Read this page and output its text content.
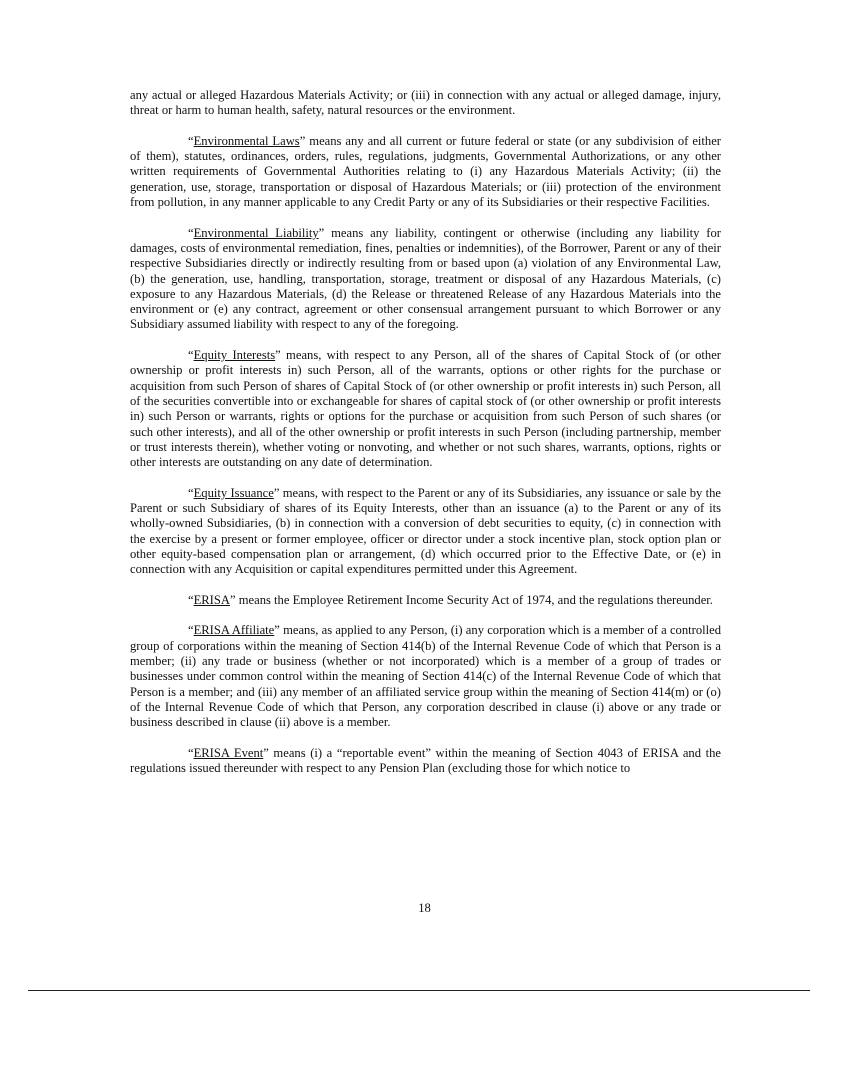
any actual or alleged Hazardous Materials Activity; or (iii) in connection with any actual or alleged damage, injury, threat or harm to human health, safety, natural resources or the environment.

“Environmental Laws” means any and all current or future federal or state (or any subdivision of either of them), statutes, ordinances, orders, rules, regulations, judgments, Governmental Authorizations, or any other written requirements of Governmental Authorities relating to (i) any Hazardous Materials Activity; (ii) the generation, use, storage, transportation or disposal of Hazardous Materials; or (iii) protection of the environment from pollution, in any manner applicable to any Credit Party or any of its Subsidiaries or their respective Facilities.

“Environmental Liability” means any liability, contingent or otherwise (including any liability for damages, costs of environmental remediation, fines, penalties or indemnities), of the Borrower, Parent or any of their respective Subsidiaries directly or indirectly resulting from or based upon (a) violation of any Environmental Law, (b) the generation, use, handling, transportation, storage, treatment or disposal of any Hazardous Materials, (c) exposure to any Hazardous Materials, (d) the Release or threatened Release of any Hazardous Materials into the environment or (e) any contract, agreement or other consensual arrangement pursuant to which Borrower or any Subsidiary assumed liability with respect to any of the foregoing.

“Equity Interests” means, with respect to any Person, all of the shares of Capital Stock of (or other ownership or profit interests in) such Person, all of the warrants, options or other rights for the purchase or acquisition from such Person of shares of Capital Stock of (or other ownership or profit interests in) such Person, all of the securities convertible into or exchangeable for shares of capital stock of (or other ownership or profit interests in) such Person or warrants, rights or options for the purchase or acquisition from such Person of such shares (or such other interests), and all of the other ownership or profit interests in such Person (including partnership, member or trust interests therein), whether voting or nonvoting, and whether or not such shares, warrants, options, rights or other interests are outstanding on any date of determination.

“Equity Issuance” means, with respect to the Parent or any of its Subsidiaries, any issuance or sale by the Parent or such Subsidiary of shares of its Equity Interests, other than an issuance (a) to the Parent or any of its wholly-owned Subsidiaries, (b) in connection with a conversion of debt securities to equity, (c) in connection with the exercise by a present or former employee, officer or director under a stock incentive plan, stock option plan or other equity-based compensation plan or arrangement, (d) which occurred prior to the Effective Date, or (e) in connection with any Acquisition or capital expenditures permitted under this Agreement.

“ERISA” means the Employee Retirement Income Security Act of 1974, and the regulations thereunder.

“ERISA Affiliate” means, as applied to any Person, (i) any corporation which is a member of a controlled group of corporations within the meaning of Section 414(b) of the Internal Revenue Code of which that Person is a member; (ii) any trade or business (whether or not incorporated) which is a member of a group of trades or businesses under common control within the meaning of Section 414(c) of the Internal Revenue Code of which that Person is a member; and (iii) any member of an affiliated service group within the meaning of Section 414(m) or (o) of the Internal Revenue Code of which that Person, any corporation described in clause (i) above or any trade or business described in clause (ii) above is a member.

“ERISA Event” means (i) a “reportable event” within the meaning of Section 4043 of ERISA and the regulations issued thereunder with respect to any Pension Plan (excluding those for which notice to

18
